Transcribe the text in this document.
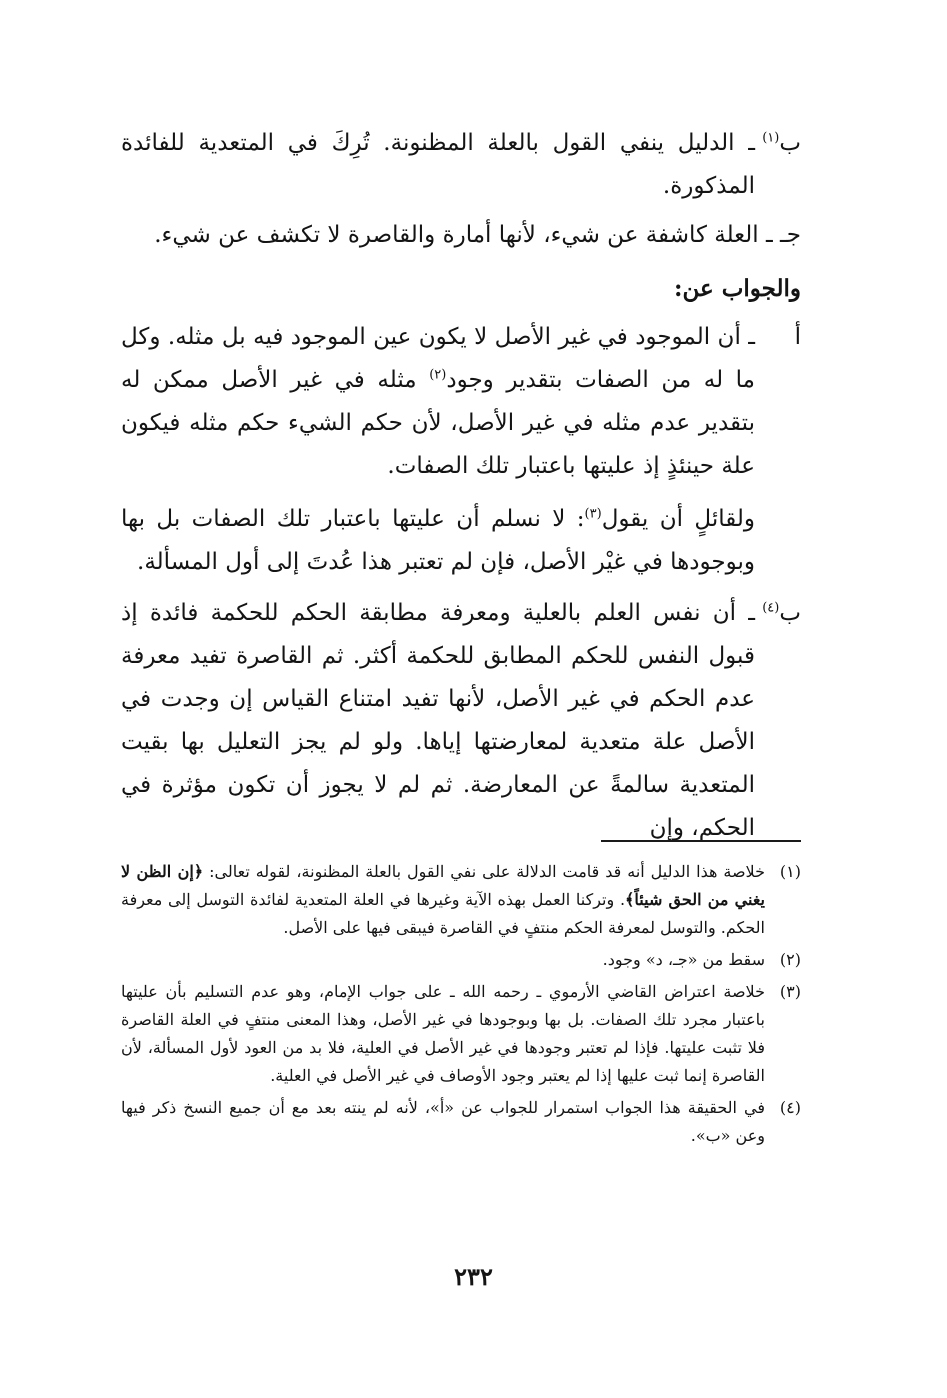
ب$^{(١)}$
ـ الدليل ينفي القول بالعلة المظنونة. تُرِكَ في المتعدية للفائدة المذكورة.

جـ ـ العلة كاشفة عن شيء، لأنها أمارة والقاصرة لا تكشف عن شيء.

والجواب عن:

أ
ـ أن الموجود في غير الأصل لا يكون عين الموجود فيه بل مثله. وكل ما له من الصفات بتقدير وجود$^{(٢)}$ مثله في غير الأصل ممكن له بتقدير عدم مثله في غير الأصل، لأن حكم الشيء حكم مثله فيكون علة حينئذٍ إذ عليتها باعتبار تلك الصفات.

ولقائلٍ أن يقول$^{(٣)}$: لا نسلم أن عليتها باعتبار تلك الصفات بل بها وبوجودها في غيْر الأصل، فإن لم تعتبر هذا عُدتَ إلى أول المسألة.

ب$^{(٤)}$
ـ أن نفس العلم بالعلية ومعرفة مطابقة الحكم للحكمة فائدة إذ قبول النفس للحكم المطابق للحكمة أكثر. ثم القاصرة تفيد معرفة عدم الحكم في غير الأصل، لأنها تفيد امتناع القياس إن وجدت في الأصل علة متعدية لمعارضتها إياها. ولو لم يجز التعليل بها بقيت المتعدية سالمةً عن المعارضة. ثم لم لا يجوز أن تكون مؤثرة في الحكم، وإن

(١)
خلاصة هذا الدليل أنه قد قامت الدلالة على نفي القول بالعلة المظنونة، لقوله تعالى: ﴿إن الظن لا يغني من الحق شيئاً﴾. وتركنا العمل بهذه الآية وغيرها في العلة المتعدية لفائدة التوسل إلى معرفة الحكم. والتوسل لمعرفة الحكم منتفٍ في القاصرة فيبقى فيها على الأصل.

(٢)
سقط من «جـ، د» وجود.

(٣)
خلاصة اعتراض القاضي الأرموي ـ رحمه الله ـ على جواب الإمام، وهو عدم التسليم بأن عليتها باعتبار مجرد تلك الصفات. بل بها وبوجودها في غير الأصل، وهذا المعنى منتفٍ في العلة القاصرة فلا تثبت عليتها. فإذا لم تعتبر وجودها في غير الأصل في العلية، فلا بد من العود لأول المسألة، لأن القاصرة إنما ثبت عليها إذا لم يعتبر وجود الأوصاف في غير الأصل في العلية.

(٤)
في الحقيقة هذا الجواب استمرار للجواب عن «أ»، لأنه لم ينته بعد مع أن جميع النسخ ذكر فيها وعن «ب».

٢٣٢
